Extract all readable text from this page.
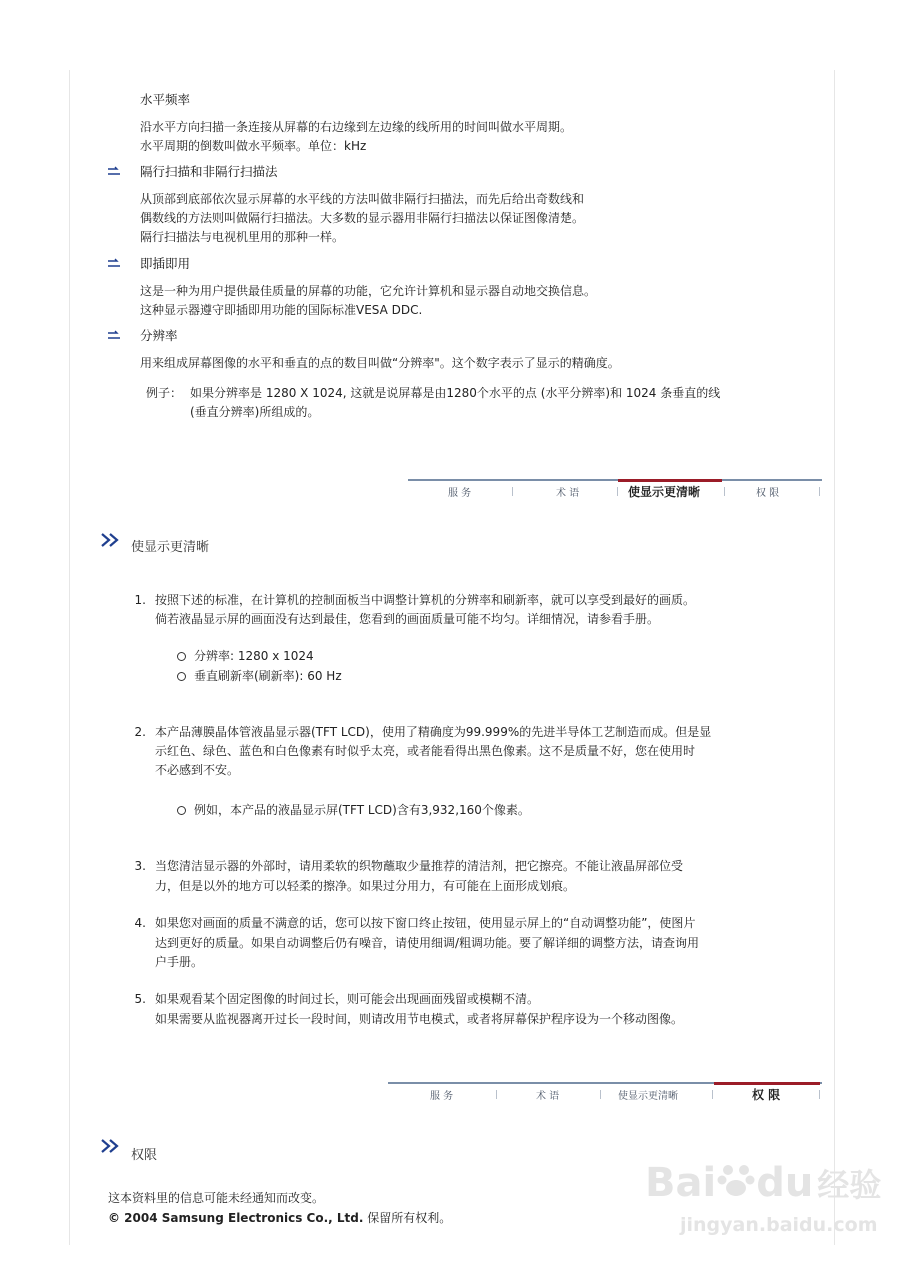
水平频率
沿水平方向扫描一条连接从屏幕的右边缘到左边缘的线所用的时间叫做水平周期。
水平周期的倒数叫做水平频率。单位：kHz
隔行扫描和非隔行扫描法
从顶部到底部依次显示屏幕的水平线的方法叫做非隔行扫描法，而先后给出奇数线和
偶数线的方法则叫做隔行扫描法。大多数的显示器用非隔行扫描法以保证图像清楚。
隔行扫描法与电视机里用的那种一样。
即插即用
这是一种为用户提供最佳质量的屏幕的功能，它允许计算机和显示器自动地交换信息。
这种显示器遵守即插即用功能的国际标准VESA DDC.
分辨率
用来组成屏幕图像的水平和垂直的点的数目叫做“分辨率"。这个数字表示了显示的精确度。
例子： 如果分辨率是 1280 X 1024, 这就是说屏幕是由1280个水平的点 (水平分辨率)和 1024 条垂直的线
(垂直分辨率)所组成的。
服 务	术 语	使显示更清晰	权 限
使显示更清晰
1. 按照下述的标准，在计算机的控制面板当中调整计算机的分辨率和刷新率，就可以享受到最好的画质。
倘若液晶显示屏的画面没有达到最佳，您看到的画面质量可能不均匀。详细情况，请参看手册。
分辨率: 1280 x 1024
垂直刷新率(刷新率): 60 Hz
2. 本产品薄膜晶体管液晶显示器(TFT LCD)，使用了精确度为99.999%的先进半导体工艺制造而成。但是显
示红色、绿色、蓝色和白色像素有时似乎太亮，或者能看得出黑色像素。这不是质量不好，您在使用时
不必感到不安。
例如，本产品的液晶显示屏(TFT LCD)含有3,932,160个像素。
3. 当您清洁显示器的外部时，请用柔软的织物蘸取少量推荐的清洁剂，把它擦亮。不能让液晶屏部位受
力，但是以外的地方可以轻柔的擦净。如果过分用力，有可能在上面形成划痕。
4. 如果您对画面的质量不满意的话，您可以按下窗口终止按钮，使用显示屏上的“自动调整功能”，使图片
达到更好的质量。如果自动调整后仍有噪音，请使用细调/粗调功能。要了解详细的调整方法，请查询用
户手册。
5. 如果观看某个固定图像的时间过长，则可能会出现画面残留或模糊不清。
如果需要从监视器离开过长一段时间，则请改用节电模式，或者将屏幕保护程序设为一个移动图像。
服 务	术 语	使显示更清晰	权 限
权限
这本资料里的信息可能未经通知而改变。
© 2004 Samsung Electronics Co., Ltd. 保留所有权利。
Bai du 经验
jingyan.baidu.com
